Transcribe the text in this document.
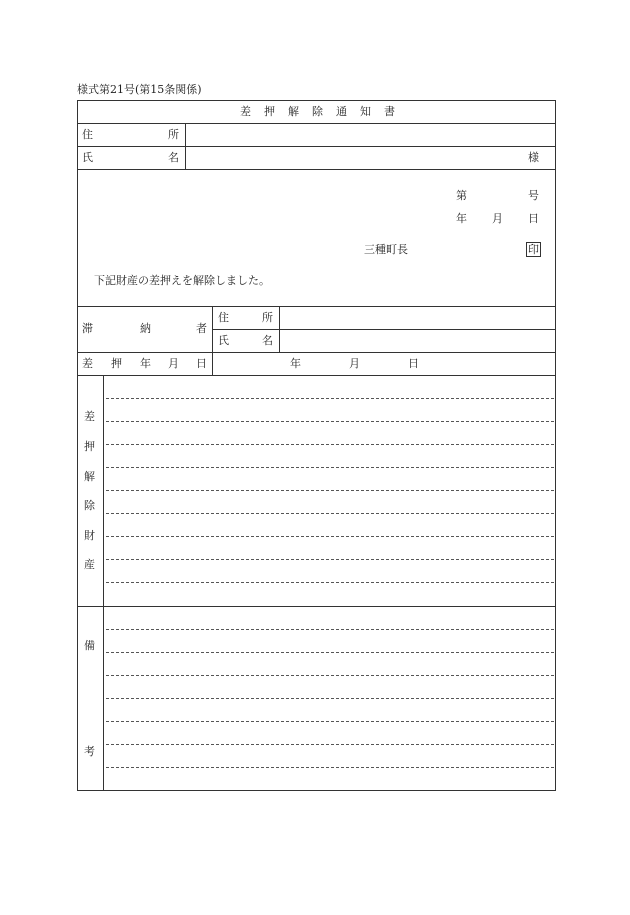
様式第21号(第15条関係)
差 押 解 除 通 知 書
住	所
氏	名	様
第	号
年 月 日
三種町長	印
下記財産の差押えを解除しました。
滞	納	者
住	所
氏	名
差 押 年 月 日	年	月	日
差
押
解
除
財
産
備
考
